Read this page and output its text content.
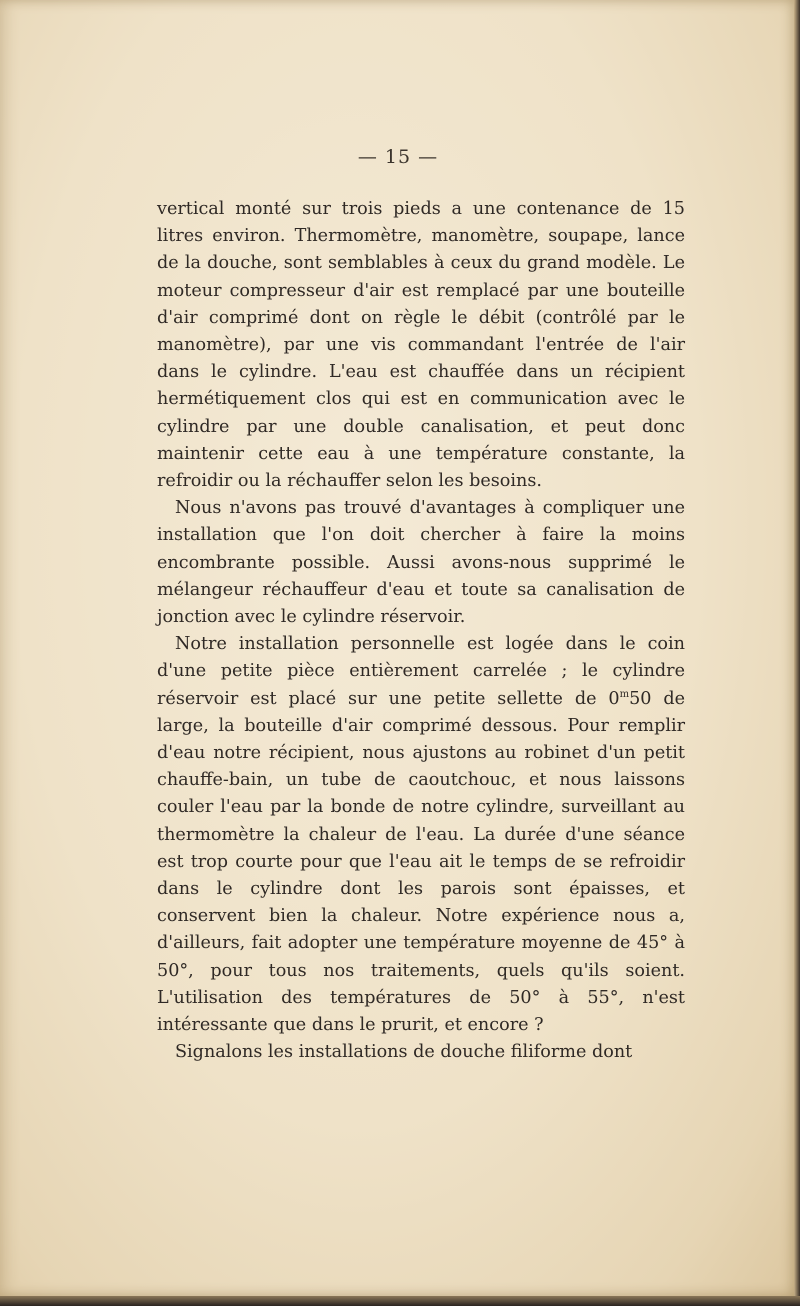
— 15 —

vertical monté sur trois pieds a une contenance de 15 litres environ. Thermomètre, manomètre, soupape, lance de la douche, sont semblables à ceux du grand modèle. Le moteur compresseur d'air est remplacé par une bouteille d'air comprimé dont on règle le débit (contrôlé par le manomètre), par une vis commandant l'entrée de l'air dans le cylindre. L'eau est chauffée dans un récipient hermétiquement clos qui est en communication avec le cylindre par une double canalisation, et peut donc maintenir cette eau à une température constante, la refroidir ou la réchauffer selon les besoins.

Nous n'avons pas trouvé d'avantages à compliquer une installation que l'on doit chercher à faire la moins encombrante possible. Aussi avons-nous supprimé le mélangeur réchauffeur d'eau et toute sa canalisation de jonction avec le cylindre réservoir.

Notre installation personnelle est logée dans le coin d'une petite pièce entièrement carrelée ; le cylindre réservoir est placé sur une petite sellette de 0$^m$50 de large, la bouteille d'air comprimé dessous. Pour remplir d'eau notre récipient, nous ajustons au robinet d'un petit chauffe-bain, un tube de caoutchouc, et nous laissons couler l'eau par la bonde de notre cylindre, surveillant au thermomètre la chaleur de l'eau. La durée d'une séance est trop courte pour que l'eau ait le temps de se refroidir dans le cylindre dont les parois sont épaisses, et conservent bien la chaleur. Notre expérience nous a, d'ailleurs, fait adopter une température moyenne de 45° à 50°, pour tous nos traitements, quels qu'ils soient. L'utilisation des températures de 50° à 55°, n'est intéressante que dans le prurit, et encore ?

Signalons les installations de douche filiforme dont
